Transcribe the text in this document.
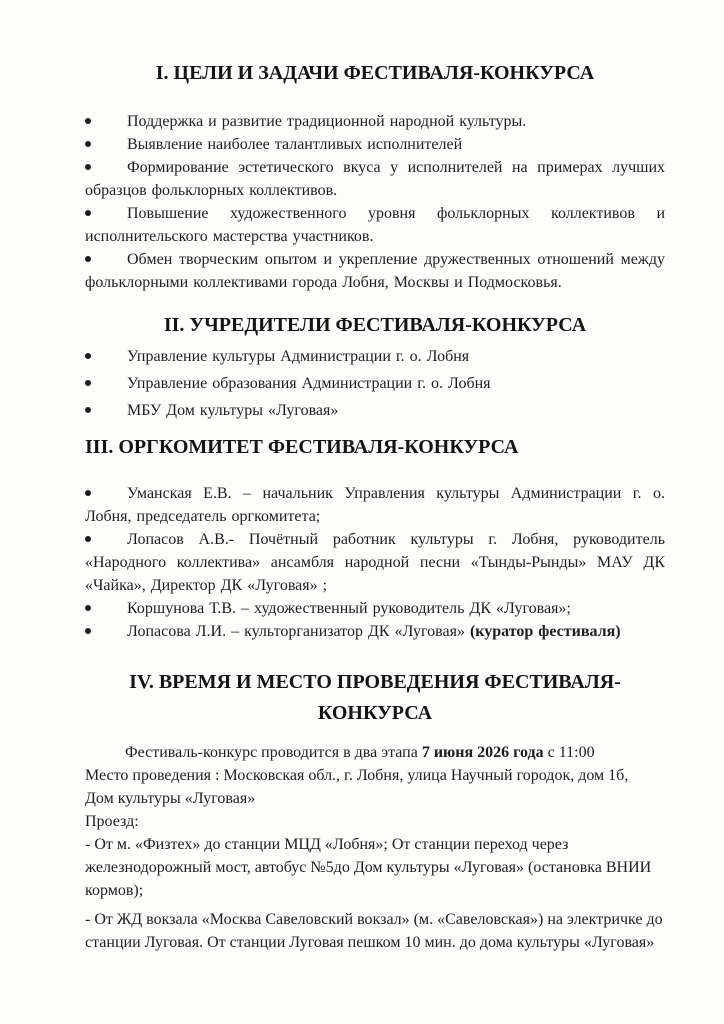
I. ЦЕЛИ И ЗАДАЧИ ФЕСТИВАЛЯ-КОНКУРСА
Поддержка и развитие традиционной народной культуры.
Выявление наиболее талантливых исполнителей
Формирование эстетического вкуса у исполнителей на примерах лучших образцов фольклорных коллективов.
Повышение художественного уровня фольклорных коллективов и исполнительского мастерства участников.
Обмен творческим опытом и укрепление дружественных отношений между фольклорными коллективами города Лобня, Москвы и Подмосковья.
II. УЧРЕДИТЕЛИ ФЕСТИВАЛЯ-КОНКУРСА
Управление культуры Администрации г. о. Лобня
Управление образования Администрации г. о. Лобня
МБУ Дом культуры «Луговая»
III. ОРГКОМИТЕТ ФЕСТИВАЛЯ-КОНКУРСА
Уманская Е.В. – начальник Управления культуры Администрации г. о. Лобня, председатель оргкомитета;
Лопасов А.В.- Почётный работник культуры г. Лобня, руководитель «Народного коллектива» ансамбля народной песни «Тынды-Рынды» МАУ ДК «Чайка», Директор ДК «Луговая» ;
Коршунова Т.В. – художественный руководитель ДК «Луговая»;
Лопасова Л.И. – культорганизатор ДК «Луговая» (куратор фестиваля)
IV. ВРЕМЯ И МЕСТО ПРОВЕДЕНИЯ ФЕСТИВАЛЯ-КОНКУРСА
Фестиваль-конкурс проводится в два этапа 7 июня 2026 года с 11:00
Место проведения : Московская обл., г. Лобня, улица Научный городок, дом 1б,
Дом культуры «Луговая»
Проезд:
- От м. «Физтех» до станции МЦД «Лобня»; От станции переход через железнодорожный мост, автобус №5до Дом культуры «Луговая» (остановка ВНИИ кормов);
- От ЖД вокзала «Москва Савеловский вокзал» (м. «Савеловская») на электричке до станции Луговая. От станции Луговая пешком 10 мин. до дома культуры «Луговая»
